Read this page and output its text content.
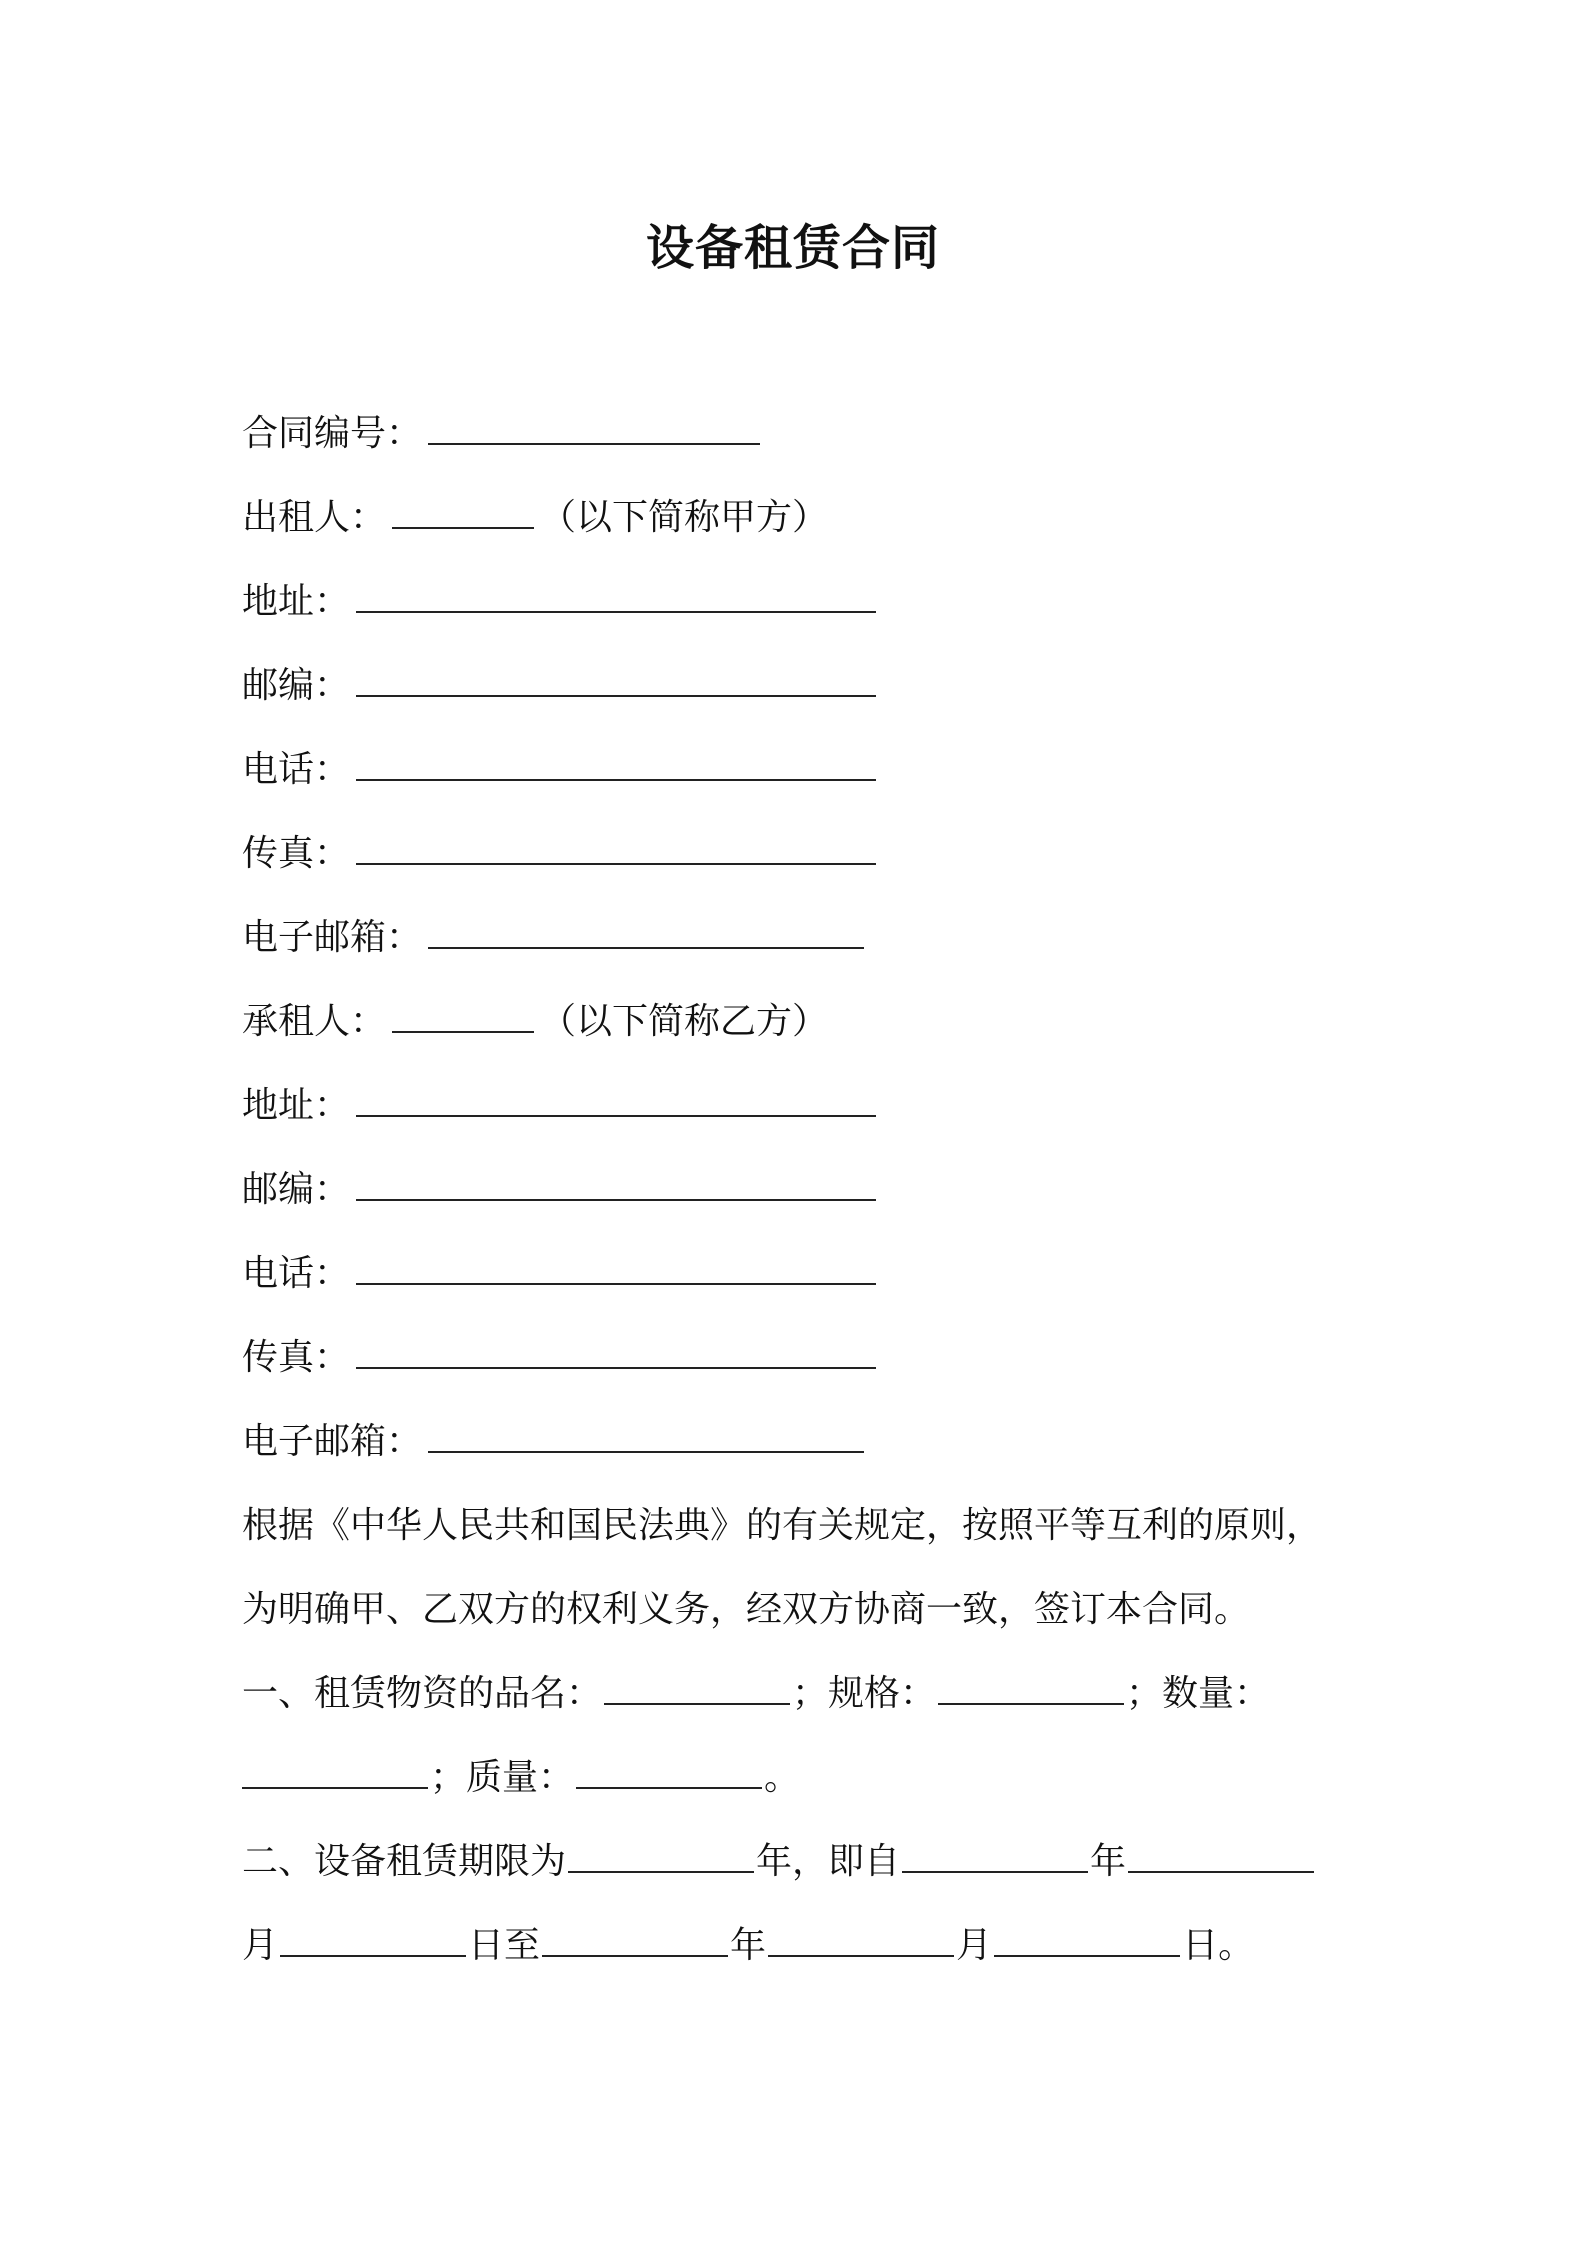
设备租赁合同
合同编号：
出租人：	（以下简称甲方）
地址：
邮编：
电话：
传真：
电子邮箱：
承租人：	（以下简称乙方）
地址：
邮编：
电话：
传真：
电子邮箱：
根据《中华人民共和国民法典》的有关规定，按照平等互利的原则，
为明确甲、乙双方的权利义务，经双方协商一致，签订本合同。
一、租赁物资的品名：	；规格：	；数量：
；质量：	。
二、设备租赁期限为	年，即自	年
月	日至	年	月	日。
